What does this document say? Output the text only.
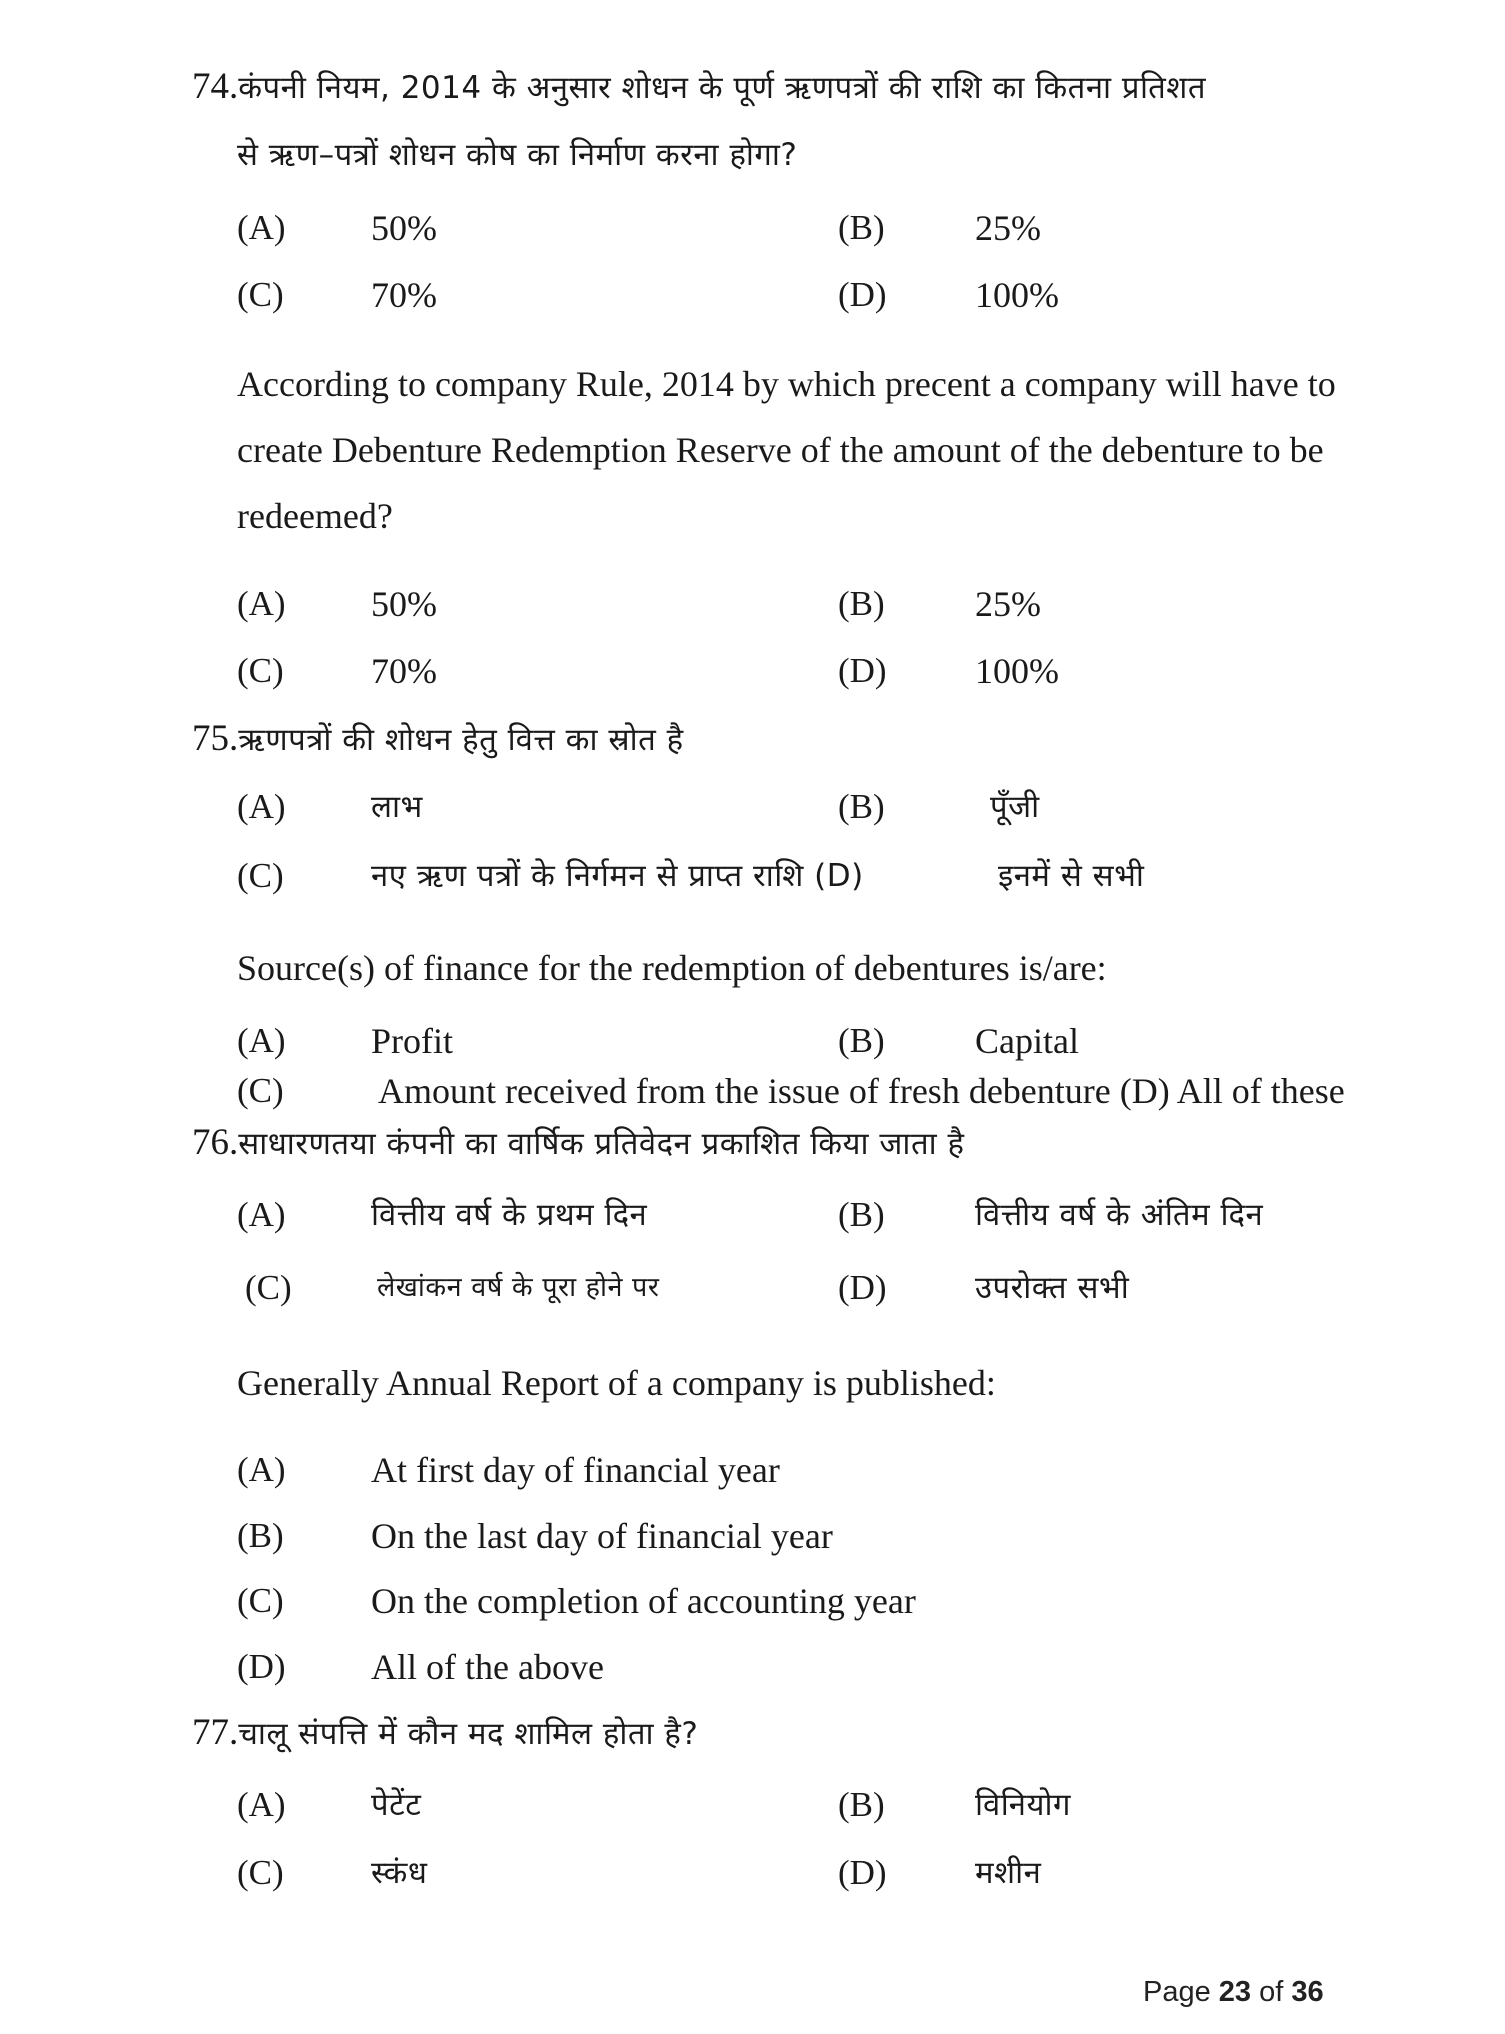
74.कंपनी नियम, 2014 के अनुसार शोधन के पूर्ण ऋणपत्रों की राशि का कितना प्रतिशत
से ऋण–पत्रों शोधन कोष का निर्माण करना होगा?
(A) 50%	(B)	25%
(C) 70%	(D) 100%
According to company Rule, 2014 by which precent a company will have to
create Debenture Redemption Reserve of the amount of the debenture to be
redeemed?
(A) 50%	(B)	25%
(C) 70%	(D) 100%
75.ऋणपत्रों की शोधन हेतु वित्त का स्रोत है
(A)	लाभ	(B)	पूँजी
(C)	नए ऋण पत्रों के निर्गमन से प्राप्त राशि (D)	इनमें से सभी
Source(s) of finance for the redemption of debentures is/are:
(A) Profit	(B)	Capital
(C)	Amount received from the issue of fresh debenture (D) All of these
76.साधारणतया कंपनी का वार्षिक प्रतिवेदन प्रकाशित किया जाता है
(A)	वित्तीय वर्ष के प्रथम दिन	(B)	वित्तीय वर्ष के अंतिम दिन
(C)	लेखांकन वर्ष के पूरा होने पर	(D)	उपरोक्त सभी
Generally Annual Report of a company is published:
(A) At first day of financial year
(B) On the last day of financial year
(C) On the completion of accounting year
(D) All of the above
77.चालू संपत्ति में कौन मद शामिल होता है?
(A)	पेटेंट	(B)	विनियोग
(C)	स्कंध	(D)	मशीन
Page 23 of 36
